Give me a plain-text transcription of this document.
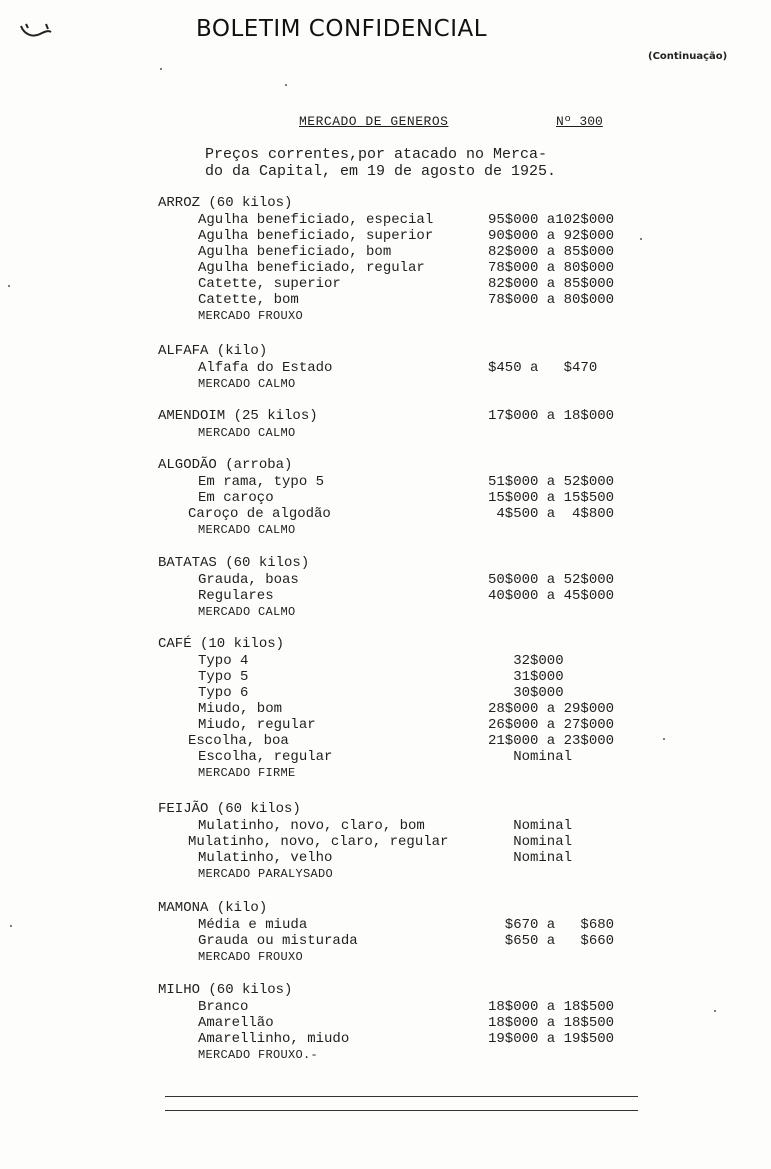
BOLETIM CONFIDENCIAL
(Continuação)
MERCADO DE GENEROS	Nº 300
Preços correntes,por atacado no Merca-
do da Capital, em 19 de agosto de 1925.
ARROZ (60 kilos)
Agulha beneficiado, especial	95$000 a102$000
Agulha beneficiado, superior	90$000 a 92$000
Agulha beneficiado, bom	82$000 a 85$000
Agulha beneficiado, regular	78$000 a 80$000
Catette, superior	82$000 a 85$000
Catette, bom	78$000 a 80$000
MERCADO FROUXO
ALFAFA (kilo)
Alfafa do Estado	$450 a   $470
MERCADO CALMO
AMENDOIM (25 kilos)	17$000 a 18$000
MERCADO CALMO
ALGODÃO (arroba)
Em rama, typo 5	51$000 a 52$000
Em caroço	15$000 a 15$500
Caroço de algodão	4$500 a  4$800
MERCADO CALMO
BATATAS (60 kilos)
Grauda, boas	50$000 a 52$000
Regulares	40$000 a 45$000
MERCADO CALMO
CAFÉ (10 kilos)
Typo 4	32$000
Typo 5	31$000
Typo 6	30$000
Miudo, bom	28$000 a 29$000
Miudo, regular	26$000 a 27$000
Escolha, boa	21$000 a 23$000
Escolha, regular	Nominal
MERCADO FIRME
FEIJÃO (60 kilos)
Mulatinho, novo, claro, bom	Nominal
Mulatinho, novo, claro, regular	Nominal
Mulatinho, velho	Nominal
MERCADO PARALYSADO
MAMONA (kilo)
Média e miuda	$670 a   $680
Grauda ou misturada	$650 a   $660
MERCADO FROUXO
MILHO (60 kilos)
Branco	18$000 a 18$500
Amarellão	18$000 a 18$500
Amarellinho, miudo	19$000 a 19$500
MERCADO FROUXO.-
